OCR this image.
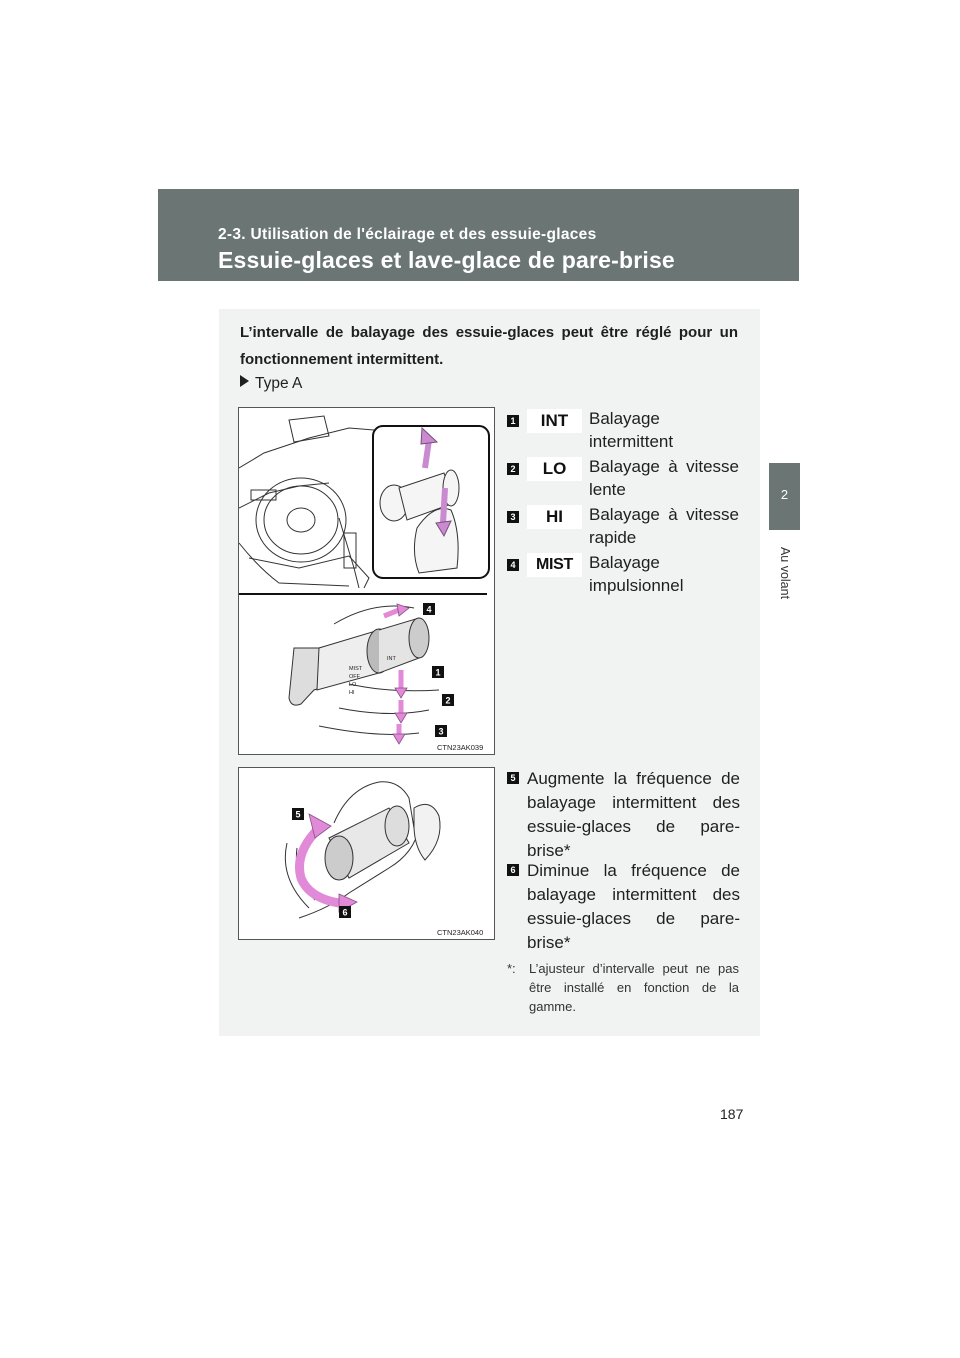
2-3. Utilisation de l'éclairage et des essuie-glaces
Essuie-glaces et lave-glace de pare-brise
2
Au volant
L’intervalle de balayage des essuie-glaces peut être réglé pour un fonctionnement intermittent.
Type A
MIST
OFF
INT
LO
HI
4
1
2
3
CTN23AK039
1	INT	Balayage
intermittent
2	LO	Balayage à vitesse
lente
3	HI	Balayage à vitesse
rapide
4	MIST Balayage
impulsionnel
5
6
CTN23AK040
5 Augmente la fréquence de balayage intermittent des essuie-glaces de pare-brise*
6 Diminue la fréquence de balayage intermittent des essuie-glaces de pare-brise*
*: L’ajusteur d’intervalle peut ne pas être installé en fonction de la gamme.
187
